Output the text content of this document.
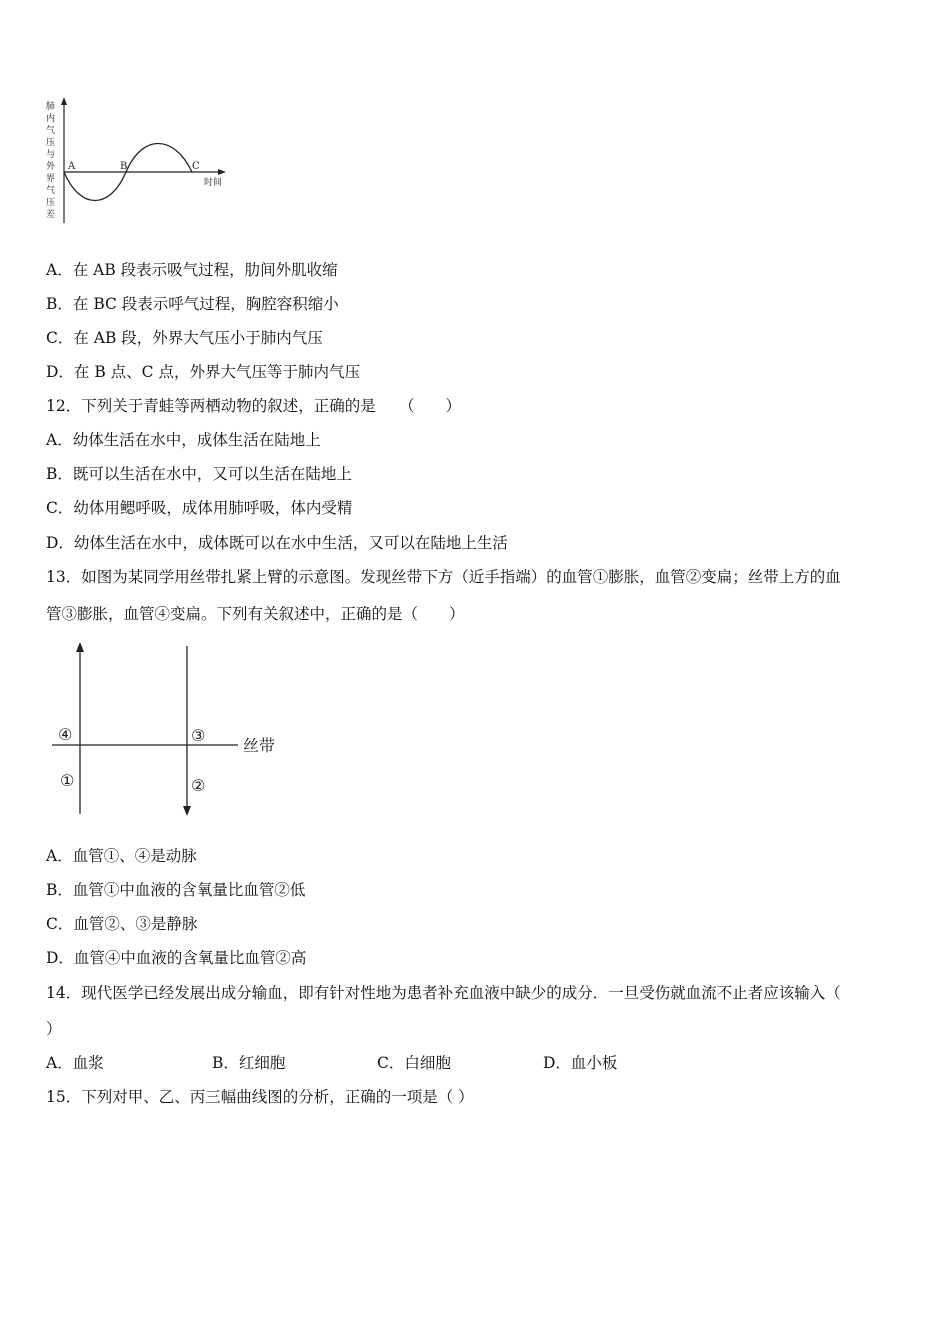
A	B	C
时间
肺
内
气
压
与
外
界
气
压
差
A．在 AB 段表示吸气过程，肋间外肌收缩
B．在 BC 段表示呼气过程，胸腔容积缩小
C．在 AB 段，外界大气压小于肺内气压
D．在 B 点、C 点，外界大气压等于肺内气压
12．下列关于青蛙等两栖动物的叙述，正确的是　　（　　）
A．幼体生活在水中，成体生活在陆地上
B．既可以生活在水中，又可以生活在陆地上
C．幼体用鳃呼吸，成体用肺呼吸，体内受精
D．幼体生活在水中，成体既可以在水中生活，又可以在陆地上生活
13．如图为某同学用丝带扎紧上臂的示意图。发现丝带下方（近手指端）的血管①膨胀，血管②变扁；丝带上方的血
管③膨胀，血管④变扁。下列有关叙述中，正确的是（　　）
丝带
④	③
①	②
A．血管①、④是动脉
B．血管①中血液的含氧量比血管②低
C．血管②、③是静脉
D．血管④中血液的含氧量比血管②高
14．现代医学已经发展出成分输血，即有针对性地为患者补充血液中缺少的成分．一旦受伤就血流不止者应该输入（
）
A．血浆	B．红细胞	C．白细胞	D．血小板
15．下列对甲、乙、丙三幅曲线图的分析，正确的一项是（ ）
